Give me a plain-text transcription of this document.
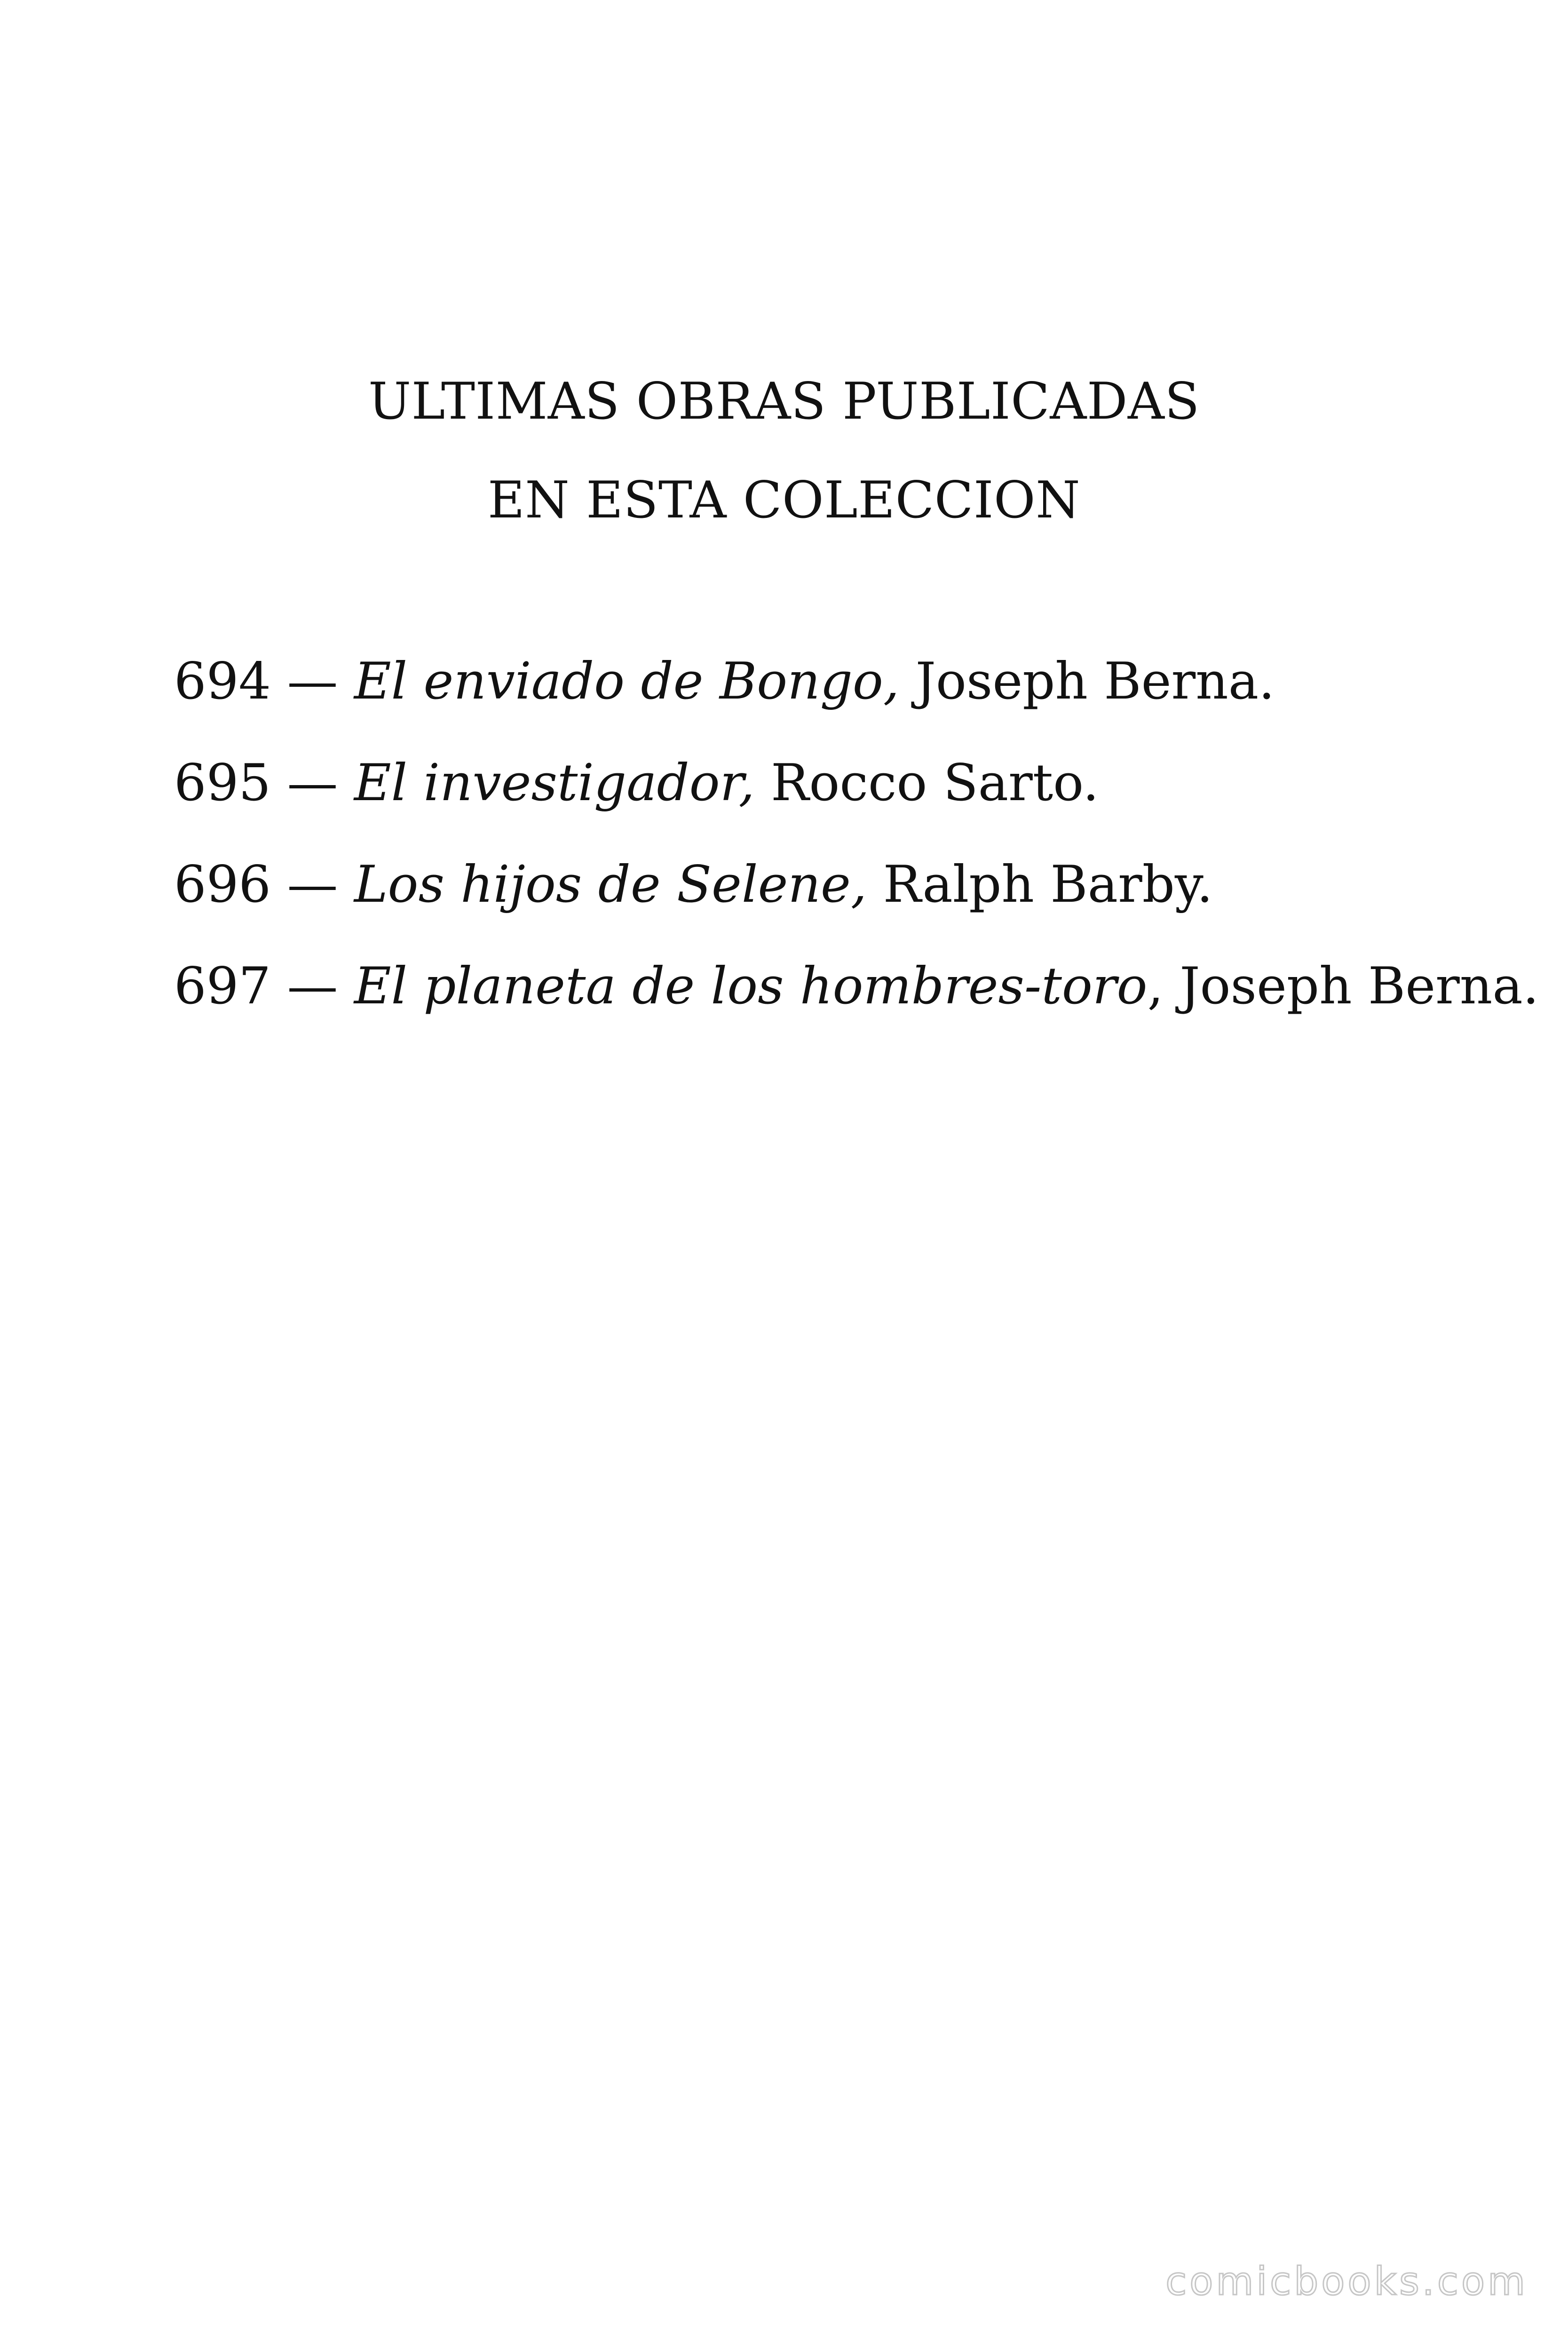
ULTIMAS OBRAS PUBLICADAS
EN ESTA COLECCION
694 — El enviado de Bongo, Joseph Berna.
695 — El investigador, Rocco Sarto.
696 — Los hijos de Selene, Ralph Barby.
697 — El planeta de los hombres-toro, Joseph Berna.
comicbooks.com
